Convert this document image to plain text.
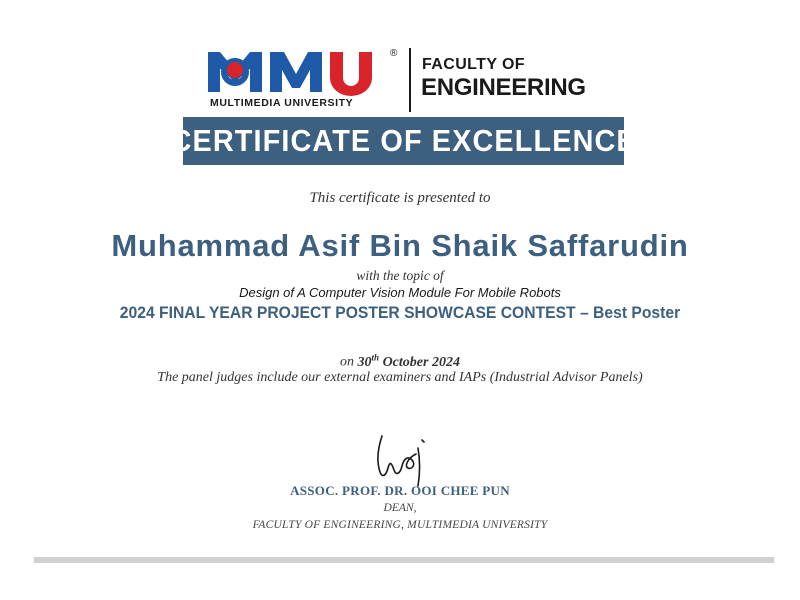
®
MULTIMEDIA UNIVERSITY
FACULTY OF
ENGINEERING
CERTIFICATE OF EXCELLENCE
This certificate is presented to
Muhammad Asif Bin Shaik Saffarudin
with the topic of
Design of A Computer Vision Module For Mobile Robots
2024 FINAL YEAR PROJECT POSTER SHOWCASE CONTEST – Best Poster
on 30th October 2024
The panel judges include our external examiners and IAPs (Industrial Advisor Panels)
ASSOC. PROF. DR. OOI CHEE PUN
DEAN,
FACULTY OF ENGINEERING, MULTIMEDIA UNIVERSITY
